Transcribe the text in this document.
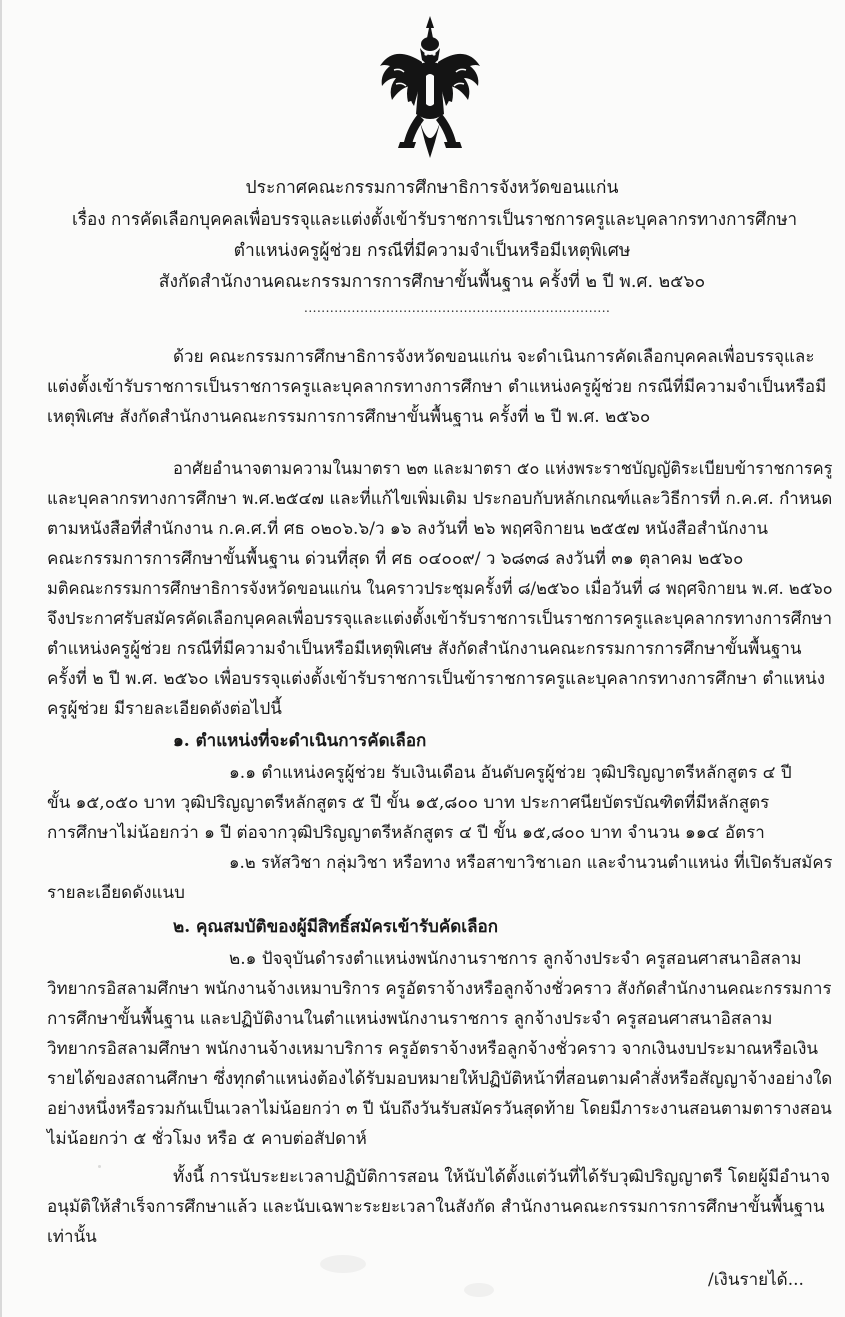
ประกาศคณะกรรมการศึกษาธิการจังหวัดขอนแก่น
เรื่อง การคัดเลือกบุคคลเพื่อบรรจุและแต่งตั้งเข้ารับราชการเป็นราชการครูและบุคลากรทางการศึกษา
ตำแหน่งครูผู้ช่วย กรณีที่มีความจำเป็นหรือมีเหตุพิเศษ
สังกัดสำนักงานคณะกรรมการการศึกษาขั้นพื้นฐาน ครั้งที่ ๒ ปี พ.ศ. ๒๕๖๐
.......................................................................
ด้วย คณะกรรมการศึกษาธิการจังหวัดขอนแก่น จะดำเนินการคัดเลือกบุคคลเพื่อบรรจุและ
แต่งตั้งเข้ารับราชการเป็นราชการครูและบุคลากรทางการศึกษา ตำแหน่งครูผู้ช่วย กรณีที่มีความจำเป็นหรือมี
เหตุพิเศษ สังกัดสำนักงานคณะกรรมการการศึกษาขั้นพื้นฐาน ครั้งที่ ๒ ปี พ.ศ. ๒๕๖๐
อาศัยอำนาจตามความในมาตรา ๒๓ และมาตรา ๕๐ แห่งพระราชบัญญัติระเบียบข้าราชการครู
และบุคลากรทางการศึกษา พ.ศ.๒๕๔๗ และที่แก้ไขเพิ่มเติม ประกอบกับหลักเกณฑ์และวิธีการที่ ก.ค.ศ. กำหนด
ตามหนังสือที่สำนักงาน ก.ค.ศ.ที่ ศธ ๐๒๐๖.๖/ว ๑๖ ลงวันที่ ๒๖ พฤศจิกายน ๒๕๕๗ หนังสือสำนักงาน
คณะกรรมการการศึกษาขั้นพื้นฐาน ด่วนที่สุด ที่ ศธ ๐๔๐๐๙/ ว ๖๘๓๘ ลงวันที่ ๓๑ ตุลาคม ๒๕๖๐
มติคณะกรรมการศึกษาธิการจังหวัดขอนแก่น ในคราวประชุมครั้งที่ ๘/๒๕๖๐ เมื่อวันที่ ๘ พฤศจิกายน พ.ศ. ๒๕๖๐
จึงประกาศรับสมัครคัดเลือกบุคคลเพื่อบรรจุและแต่งตั้งเข้ารับราชการเป็นราชการครูและบุคลากรทางการศึกษา
ตำแหน่งครูผู้ช่วย กรณีที่มีความจำเป็นหรือมีเหตุพิเศษ สังกัดสำนักงานคณะกรรมการการศึกษาขั้นพื้นฐาน
ครั้งที่ ๒ ปี พ.ศ. ๒๕๖๐ เพื่อบรรจุแต่งตั้งเข้ารับราชการเป็นข้าราชการครูและบุคลากรทางการศึกษา ตำแหน่ง
ครูผู้ช่วย มีรายละเอียดดังต่อไปนี้
๑. ตำแหน่งที่จะดำเนินการคัดเลือก
๑.๑ ตำแหน่งครูผู้ช่วย รับเงินเดือน อันดับครูผู้ช่วย วุฒิปริญญาตรีหลักสูตร ๔ ปี
ขั้น ๑๕,๐๕๐ บาท วุฒิปริญญาตรีหลักสูตร ๕ ปี ขั้น ๑๕,๘๐๐ บาท ประกาศนียบัตรบัณฑิตที่มีหลักสูตร
การศึกษาไม่น้อยกว่า ๑ ปี ต่อจากวุฒิปริญญาตรีหลักสูตร ๔ ปี ขั้น ๑๕,๘๐๐ บาท จำนวน ๑๑๔ อัตรา
๑.๒ รหัสวิชา กลุ่มวิชา หรือทาง หรือสาขาวิชาเอก และจำนวนตำแหน่ง ที่เปิดรับสมัคร
รายละเอียดดังแนบ
๒. คุณสมบัติของผู้มีสิทธิ์สมัครเข้ารับคัดเลือก
๒.๑ ปัจจุบันดำรงตำแหน่งพนักงานราชการ ลูกจ้างประจำ ครูสอนศาสนาอิสลาม
วิทยากรอิสลามศึกษา พนักงานจ้างเหมาบริการ ครูอัตราจ้างหรือลูกจ้างชั่วคราว สังกัดสำนักงานคณะกรรมการ
การศึกษาขั้นพื้นฐาน และปฏิบัติงานในตำแหน่งพนักงานราชการ ลูกจ้างประจำ ครูสอนศาสนาอิสลาม
วิทยากรอิสลามศึกษา พนักงานจ้างเหมาบริการ ครูอัตราจ้างหรือลูกจ้างชั่วคราว จากเงินงบประมาณหรือเงิน
รายได้ของสถานศึกษา ซึ่งทุกตำแหน่งต้องได้รับมอบหมายให้ปฏิบัติหน้าที่สอนตามคำสั่งหรือสัญญาจ้างอย่างใด
อย่างหนึ่งหรือรวมกันเป็นเวลาไม่น้อยกว่า ๓ ปี นับถึงวันรับสมัครวันสุดท้าย โดยมีภาระงานสอนตามตารางสอน
ไม่น้อยกว่า ๕ ชั่วโมง หรือ ๕ คาบต่อสัปดาห์
ทั้งนี้ การนับระยะเวลาปฏิบัติการสอน ให้นับได้ตั้งแต่วันที่ได้รับวุฒิปริญญาตรี โดยผู้มีอำนาจ
อนุมัติให้สำเร็จการศึกษาแล้ว และนับเฉพาะระยะเวลาในสังกัด สำนักงานคณะกรรมการการศึกษาขั้นพื้นฐาน
เท่านั้น
/เงินรายได้...
